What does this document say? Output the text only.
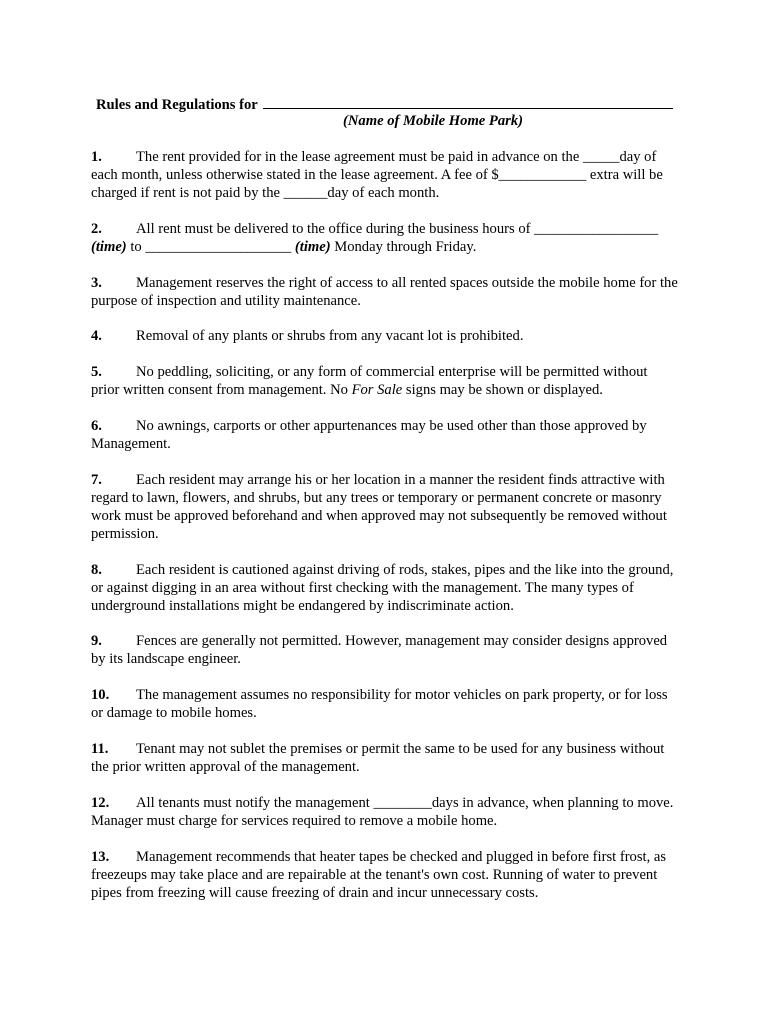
Rules and Regulations for
(Name of Mobile Home Park)

1. The rent provided for in the lease agreement must be paid in advance on the _____day of each month, unless otherwise stated in the lease agreement. A fee of $____________ extra will be charged if rent is not paid by the ______day of each month.

2. All rent must be delivered to the office during the business hours of _________________ (time) to ____________________ (time) Monday through Friday.

3. Management reserves the right of access to all rented spaces outside the mobile home for the purpose of inspection and utility maintenance.

4. Removal of any plants or shrubs from any vacant lot is prohibited.

5. No peddling, soliciting, or any form of commercial enterprise will be permitted without prior written consent from management. No For Sale signs may be shown or displayed.

6. No awnings, carports or other appurtenances may be used other than those approved by Management.

7. Each resident may arrange his or her location in a manner the resident finds attractive with regard to lawn, flowers, and shrubs, but any trees or temporary or permanent concrete or masonry work must be approved beforehand and when approved may not subsequently be removed without permission.

8. Each resident is cautioned against driving of rods, stakes, pipes and the like into the ground, or against digging in an area without first checking with the management. The many types of underground installations might be endangered by indiscriminate action.

9. Fences are generally not permitted. However, management may consider designs approved by its landscape engineer.

10. The management assumes no responsibility for motor vehicles on park property, or for loss or damage to mobile homes.

11. Tenant may not sublet the premises or permit the same to be used for any business without the prior written approval of the management.

12. All tenants must notify the management ________days in advance, when planning to move. Manager must charge for services required to remove a mobile home.

13. Management recommends that heater tapes be checked and plugged in before first frost, as freezeups may take place and are repairable at the tenant's own cost. Running of water to prevent pipes from freezing will cause freezing of drain and incur unnecessary costs.
